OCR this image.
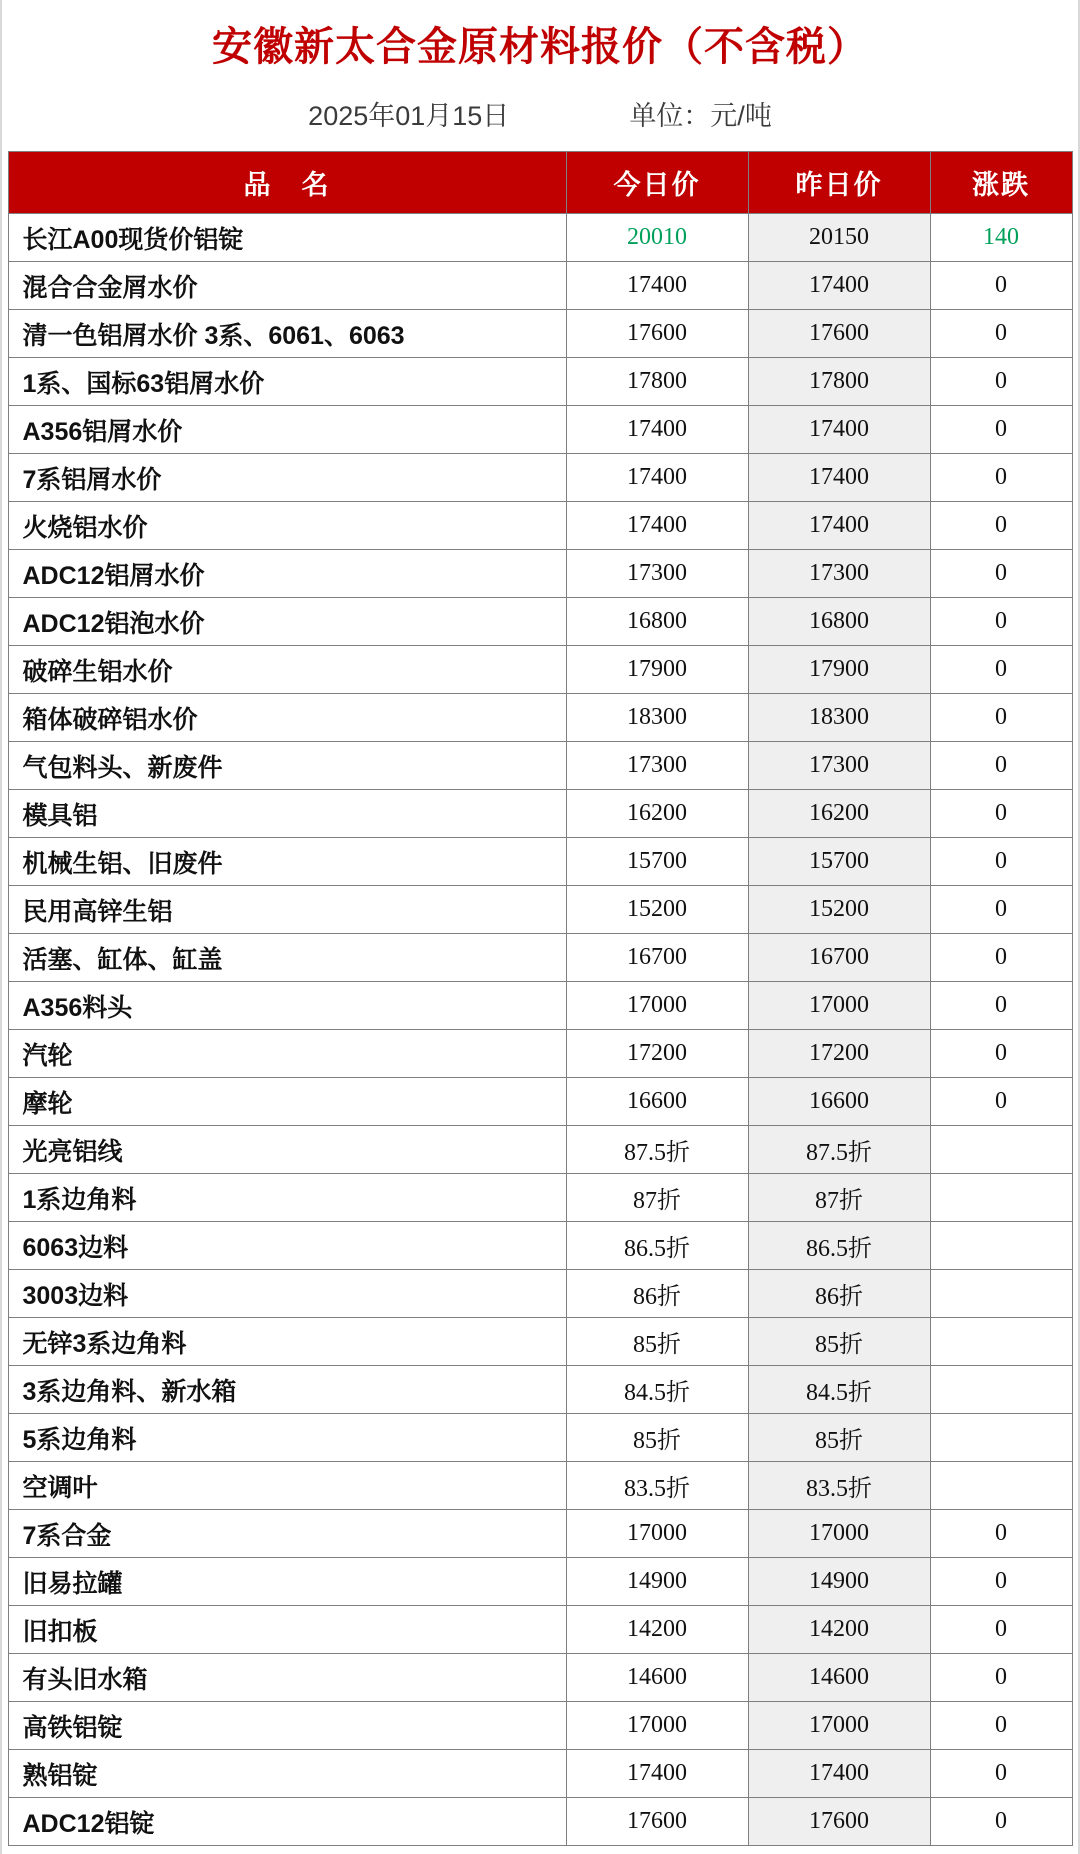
安徽新太合金原材料报价（不含税）
2025年01月15日	单位：元/吨
品　名	今日价	昨日价	涨跌
长江A00现货价铝锭	20010	20150	140
混合合金屑水价	17400	17400	0
清一色铝屑水价 3系、6061、6063	17600	17600	0
1系、国标63铝屑水价	17800	17800	0
A356铝屑水价	17400	17400	0
7系铝屑水价	17400	17400	0
火烧铝水价	17400	17400	0
ADC12铝屑水价	17300	17300	0
ADC12铝泡水价	16800	16800	0
破碎生铝水价	17900	17900	0
箱体破碎铝水价	18300	18300	0
气包料头、新废件	17300	17300	0
模具铝	16200	16200	0
机械生铝、旧废件	15700	15700	0
民用高锌生铝	15200	15200	0
活塞、缸体、缸盖	16700	16700	0
A356料头	17000	17000	0
汽轮	17200	17200	0
摩轮	16600	16600	0
光亮铝线	87.5折	87.5折	
1系边角料	87折	87折	
6063边料	86.5折	86.5折	
3003边料	86折	86折	
无锌3系边角料	85折	85折	
3系边角料、新水箱	84.5折	84.5折	
5系边角料	85折	85折	
空调叶	83.5折	83.5折	
7系合金	17000	17000	0
旧易拉罐	14900	14900	0
旧扣板	14200	14200	0
有头旧水箱	14600	14600	0
高铁铝锭	17000	17000	0
熟铝锭	17400	17400	0
ADC12铝锭	17600	17600	0
